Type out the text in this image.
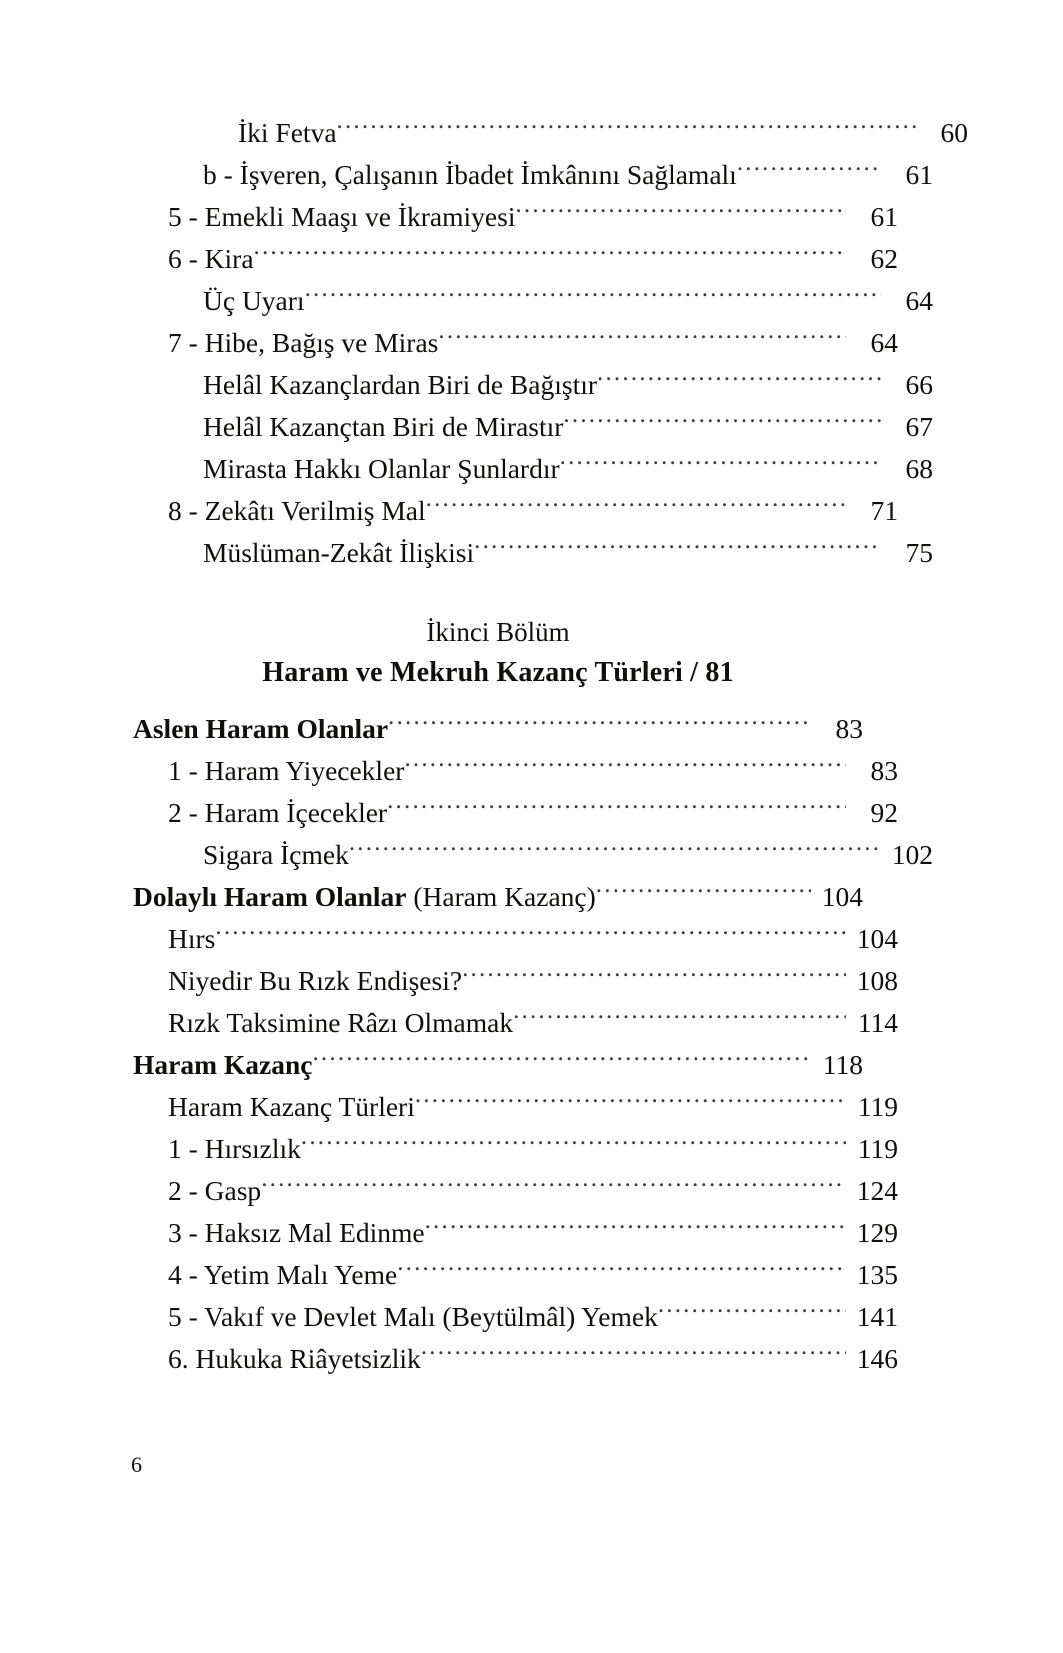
İki Fetva .....	60
b - İşveren, Çalışanın İbadet İmkânını Sağlamalı .....	61
5 - Emekli Maaşı ve İkramiyesi .....	61
6 - Kira .....	62
Üç Uyarı .....	64
7 - Hibe, Bağış ve Miras .....	64
Helâl Kazançlardan Biri de Bağıştır .....	66
Helâl Kazançtan Biri de Mirastır .....	67
Mirasta Hakkı Olanlar Şunlardır .....	68
8 - Zekâtı Verilmiş Mal .....	71
Müslüman-Zekât İlişkisi .....	75
İkinci Bölüm
Haram ve Mekruh Kazanç Türleri / 81
Aslen Haram Olanlar .....	83
1 - Haram Yiyecekler .....	83
2 - Haram İçecekler .....	92
Sigara İçmek .....	102
Dolaylı Haram Olanlar (Haram Kazanç) .....	104
Hırs .....	104
Niyedir Bu Rızk Endişesi? .....	108
Rızk Taksimine Râzı Olmamak .....	114
Haram Kazanç .....	118
Haram Kazanç Türleri .....	119
1 - Hırsızlık .....	119
2 - Gasp .....	124
3 - Haksız Mal Edinme .....	129
4 - Yetim Malı Yeme .....	135
5 - Vakıf ve Devlet Malı (Beytülmâl) Yemek .....	141
6. Hukuka Riâyetsizlik .....	146
6
